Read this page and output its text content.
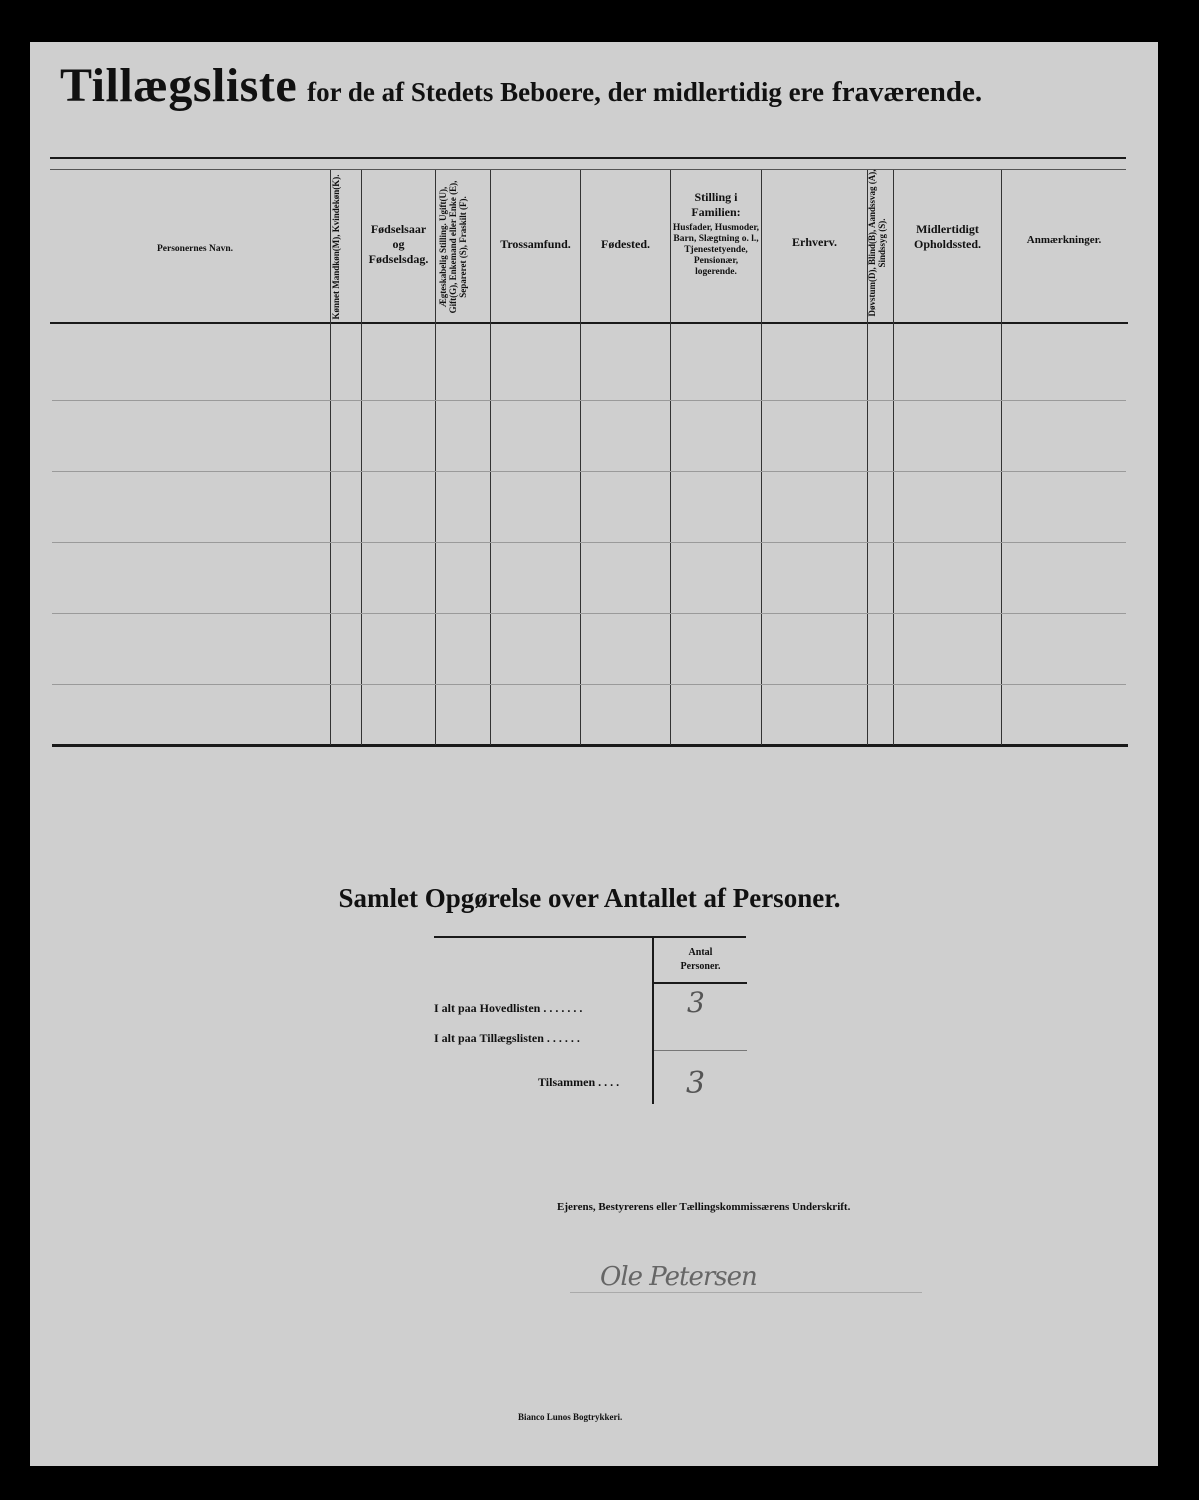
Tillægsliste for de af Stedets Beboere, der midlertidig ere fraværende.
Personernes Navn.	Kønnet Mandkøn(M), Kvindekøn(K).	Fødselsaar
og
Fødselsdag.	Ægteskabelig Stilling. Ugift(U), Gift(G), Enkemand eller Enke (E), Separeret (S), Fraskilt (F).	Trossamfund.	Fødested.
Stilling i
Familien:
Husfader, Husmoder, Barn, Slægtning o. l., Tjenestetyende, Pensionær, logerende.
Erhverv.	Døvstum(D), Blind(B), Aandssvag (A), Sindssyg (S).	Midlertidigt
Opholdssted.	Anmærkninger.
Samlet Opgørelse over Antallet af Personer.
Antal
Personer.
I alt paa Hovedlisten . . . . . . .	3
I alt paa Tillægslisten . . . . . .
Tilsammen . . . . 3
Ejerens, Bestyrerens eller Tællingskommissærens Underskrift.
Ole Petersen
Bianco Lunos Bogtrykkeri.
